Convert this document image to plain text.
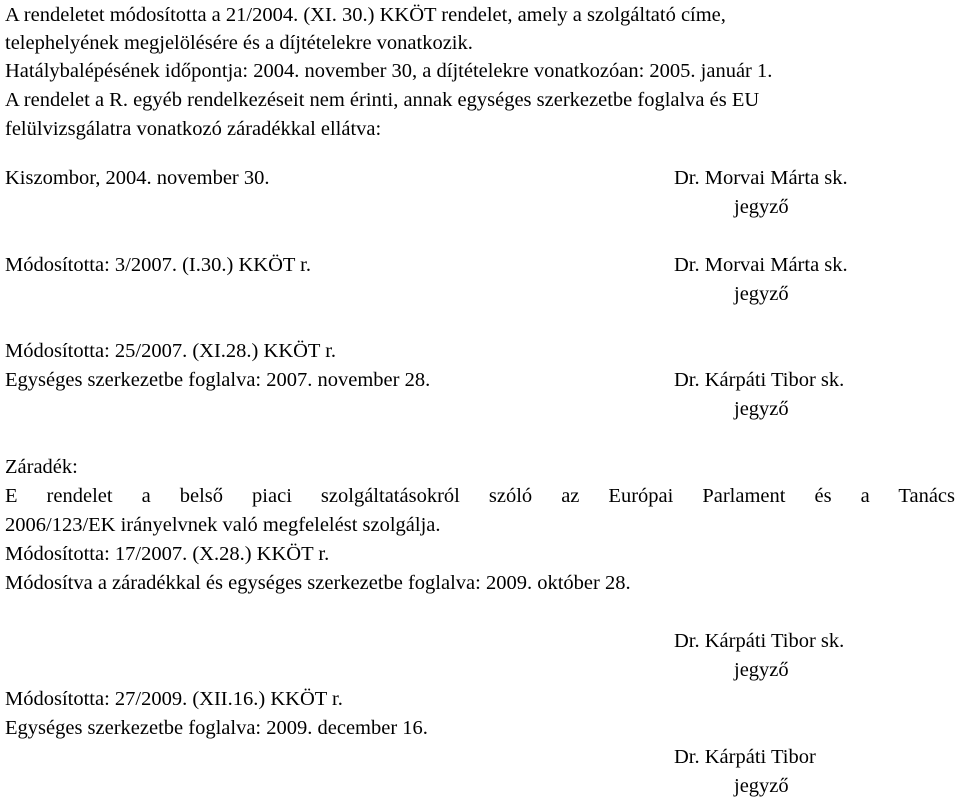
A rendeletet módosította a 21/2004. (XI. 30.) KKÖT rendelet, amely a szolgáltató címe,
telephelyének megjelölésére és a díjtételekre vonatkozik.
Hatálybalépésének időpontja: 2004. november 30, a díjtételekre vonatkozóan: 2005. január 1.
A rendelet a R. egyéb rendelkezéseit nem érinti, annak egységes szerkezetbe foglalva és EU
felülvizsgálatra vonatkozó záradékkal ellátva:
Kiszombor, 2004. november 30.	Dr. Morvai Márta sk.
jegyző
Módosította: 3/2007. (I.30.) KKÖT r.	Dr. Morvai Márta sk.
jegyző
Módosította: 25/2007. (XI.28.) KKÖT r.
Egységes szerkezetbe foglalva: 2007. november 28.	Dr. Kárpáti Tibor sk.
jegyző
Záradék:
E rendelet a belső piaci szolgáltatásokról szóló az Európai Parlament és a Tanács
2006/123/EK irányelvnek való megfelelést szolgálja.
Módosította: 17/2007. (X.28.) KKÖT r.
Módosítva a záradékkal és egységes szerkezetbe foglalva: 2009. október 28.
Dr. Kárpáti Tibor sk.
jegyző
Módosította: 27/2009. (XII.16.) KKÖT r.
Egységes szerkezetbe foglalva: 2009. december 16.
Dr. Kárpáti Tibor
jegyző
